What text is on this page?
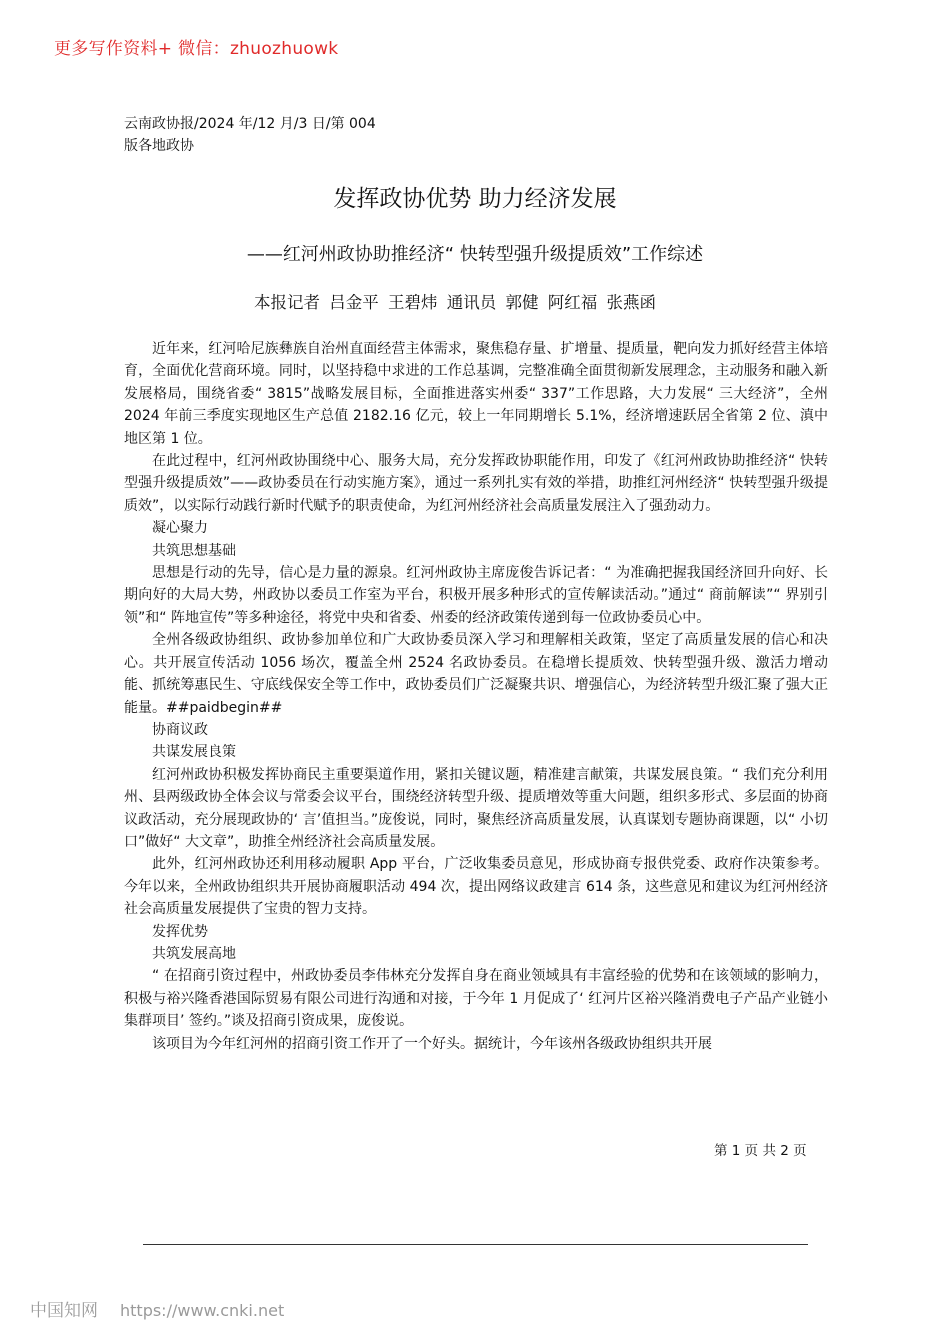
更多写作资料+ 微信：zhuozhuowk
云南政协报/2024 年/12 月/3 日/第 004
版各地政协
发挥政协优势 助力经济发展
——红河州政协助推经济“ 快转型强升级提质效”工作综述
本报记者 吕金平 王碧炜 通讯员 郭健 阿红福 张燕函

近年来，红河哈尼族彝族自治州直面经营主体需求，聚焦稳存量、扩增量、提质量，靶向发力抓好经营主体培育，全面优化营商环境。同时，以坚持稳中求进的工作总基调，完整准确全面贯彻新发展理念，主动服务和融入新发展格局，围绕省委“ 3815”战略发展目标，全面推进落实州委“ 337”工作思路，大力发展“ 三大经济”，全州 2024 年前三季度实现地区生产总值 2182.16 亿元，较上一年同期增长 5.1%，经济增速跃居全省第 2 位、滇中地区第 1 位。

在此过程中，红河州政协围绕中心、服务大局，充分发挥政协职能作用，印发了《红河州政协助推经济“ 快转型强升级提质效”——政协委员在行动实施方案》，通过一系列扎实有效的举措，助推红河州经济“ 快转型强升级提质效”，以实际行动践行新时代赋予的职责使命，为红河州经济社会高质量发展注入了强劲动力。

凝心聚力

共筑思想基础

思想是行动的先导，信心是力量的源泉。红河州政协主席庞俊告诉记者：“ 为准确把握我国经济回升向好、长期向好的大局大势，州政协以委员工作室为平台，积极开展多种形式的宣传解读活动。”通过“ 商前解读”“ 界别引领”和“ 阵地宣传”等多种途径，将党中央和省委、州委的经济政策传递到每一位政协委员心中。

全州各级政协组织、政协参加单位和广大政协委员深入学习和理解相关政策，坚定了高质量发展的信心和决心。共开展宣传活动 1056 场次，覆盖全州 2524 名政协委员。在稳增长提质效、快转型强升级、激活力增动能、抓统筹惠民生、守底线保安全等工作中，政协委员们广泛凝聚共识、增强信心，为经济转型升级汇聚了强大正能量。##paidbegin##

协商议政

共谋发展良策

红河州政协积极发挥协商民主重要渠道作用，紧扣关键议题，精准建言献策，共谋发展良策。“ 我们充分利用州、县两级政协全体会议与常委会议平台，围绕经济转型升级、提质增效等重大问题，组织多形式、多层面的协商议政活动，充分展现政协的‘ 言’值担当。”庞俊说，同时，聚焦经济高质量发展，认真谋划专题协商课题，以“ 小切口”做好“ 大文章”，助推全州经济社会高质量发展。

此外，红河州政协还利用移动履职 App 平台，广泛收集委员意见，形成协商专报供党委、政府作决策参考。今年以来，全州政协组织共开展协商履职活动 494 次，提出网络议政建言 614 条，这些意见和建议为红河州经济社会高质量发展提供了宝贵的智力支持。

发挥优势

共筑发展高地

“ 在招商引资过程中，州政协委员李伟林充分发挥自身在商业领域具有丰富经验的优势和在该领域的影响力，积极与裕兴隆香港国际贸易有限公司进行沟通和对接，于今年 1 月促成了‘ 红河片区裕兴隆消费电子产品产业链小集群项目’ 签约。”谈及招商引资成果，庞俊说。

该项目为今年红河州的招商引资工作开了一个好头。据统计，今年该州各级政协组织共开展

第 1 页 共 2 页
中国知网 https://www.cnki.net
